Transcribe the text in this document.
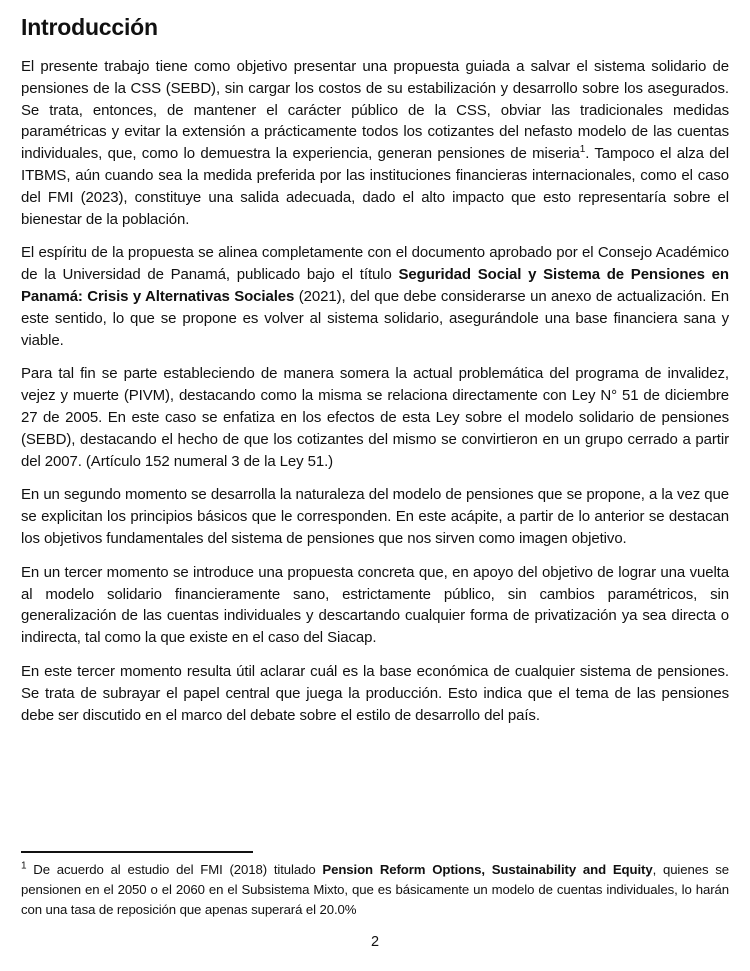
Introducción

El presente trabajo tiene como objetivo presentar una propuesta guiada a salvar el sistema solidario de pensiones de la CSS (SEBD), sin cargar los costos de su estabilización y desarrollo sobre los asegurados. Se trata, entonces, de mantener el carácter público de la CSS, obviar las tradicionales medidas paramétricas y evitar la extensión a prácticamente todos los cotizantes del nefasto modelo de las cuentas individuales, que, como lo demuestra la experiencia, generan pensiones de miseria$^1$. Tampoco el alza del ITBMS, aún cuando sea la medida preferida por las instituciones financieras internacionales, como el caso del FMI (2023), constituye una salida adecuada, dado el alto impacto que esto representaría sobre el bienestar de la población.

El espíritu de la propuesta se alinea completamente con el documento aprobado por el Consejo Académico de la Universidad de Panamá, publicado bajo el título Seguridad Social y Sistema de Pensiones en Panamá: Crisis y Alternativas Sociales (2021), del que debe considerarse un anexo de actualización. En este sentido, lo que se propone es volver al sistema solidario, asegurándole una base financiera sana y viable.

Para tal fin se parte estableciendo de manera somera la actual problemática del programa de invalidez, vejez y muerte (PIVM), destacando como la misma se relaciona directamente con Ley N° 51 de diciembre 27 de 2005. En este caso se enfatiza en los efectos de esta Ley sobre el modelo solidario de pensiones (SEBD), destacando el hecho de que los cotizantes del mismo se convirtieron en un grupo cerrado a partir del 2007. (Artículo 152 numeral 3 de la Ley 51.)

En un segundo momento se desarrolla la naturaleza del modelo de pensiones que se propone, a la vez que se explicitan los principios básicos que le corresponden. En este acápite, a partir de lo anterior se destacan los objetivos fundamentales del sistema de pensiones que nos sirven como imagen objetivo.

En un tercer momento se introduce una propuesta concreta que, en apoyo del objetivo de lograr una vuelta al modelo solidario financieramente sano, estrictamente público, sin cambios paramétricos, sin generalización de las cuentas individuales y descartando cualquier forma de privatización ya sea directa o indirecta, tal como la que existe en el caso del Siacap.

En este tercer momento resulta útil aclarar cuál es la base económica de cualquier sistema de pensiones. Se trata de subrayar el papel central que juega la producción. Esto indica que el tema de las pensiones debe ser discutido en el marco del debate sobre el estilo de desarrollo del país.

$^1$ De acuerdo al estudio del FMI (2018) titulado Pension Reform Options, Sustainability and Equity, quienes se pensionen en el 2050 o el 2060 en el Subsistema Mixto, que es básicamente un modelo de cuentas individuales, lo harán con una tasa de reposición que apenas superará el 20.0%

2
